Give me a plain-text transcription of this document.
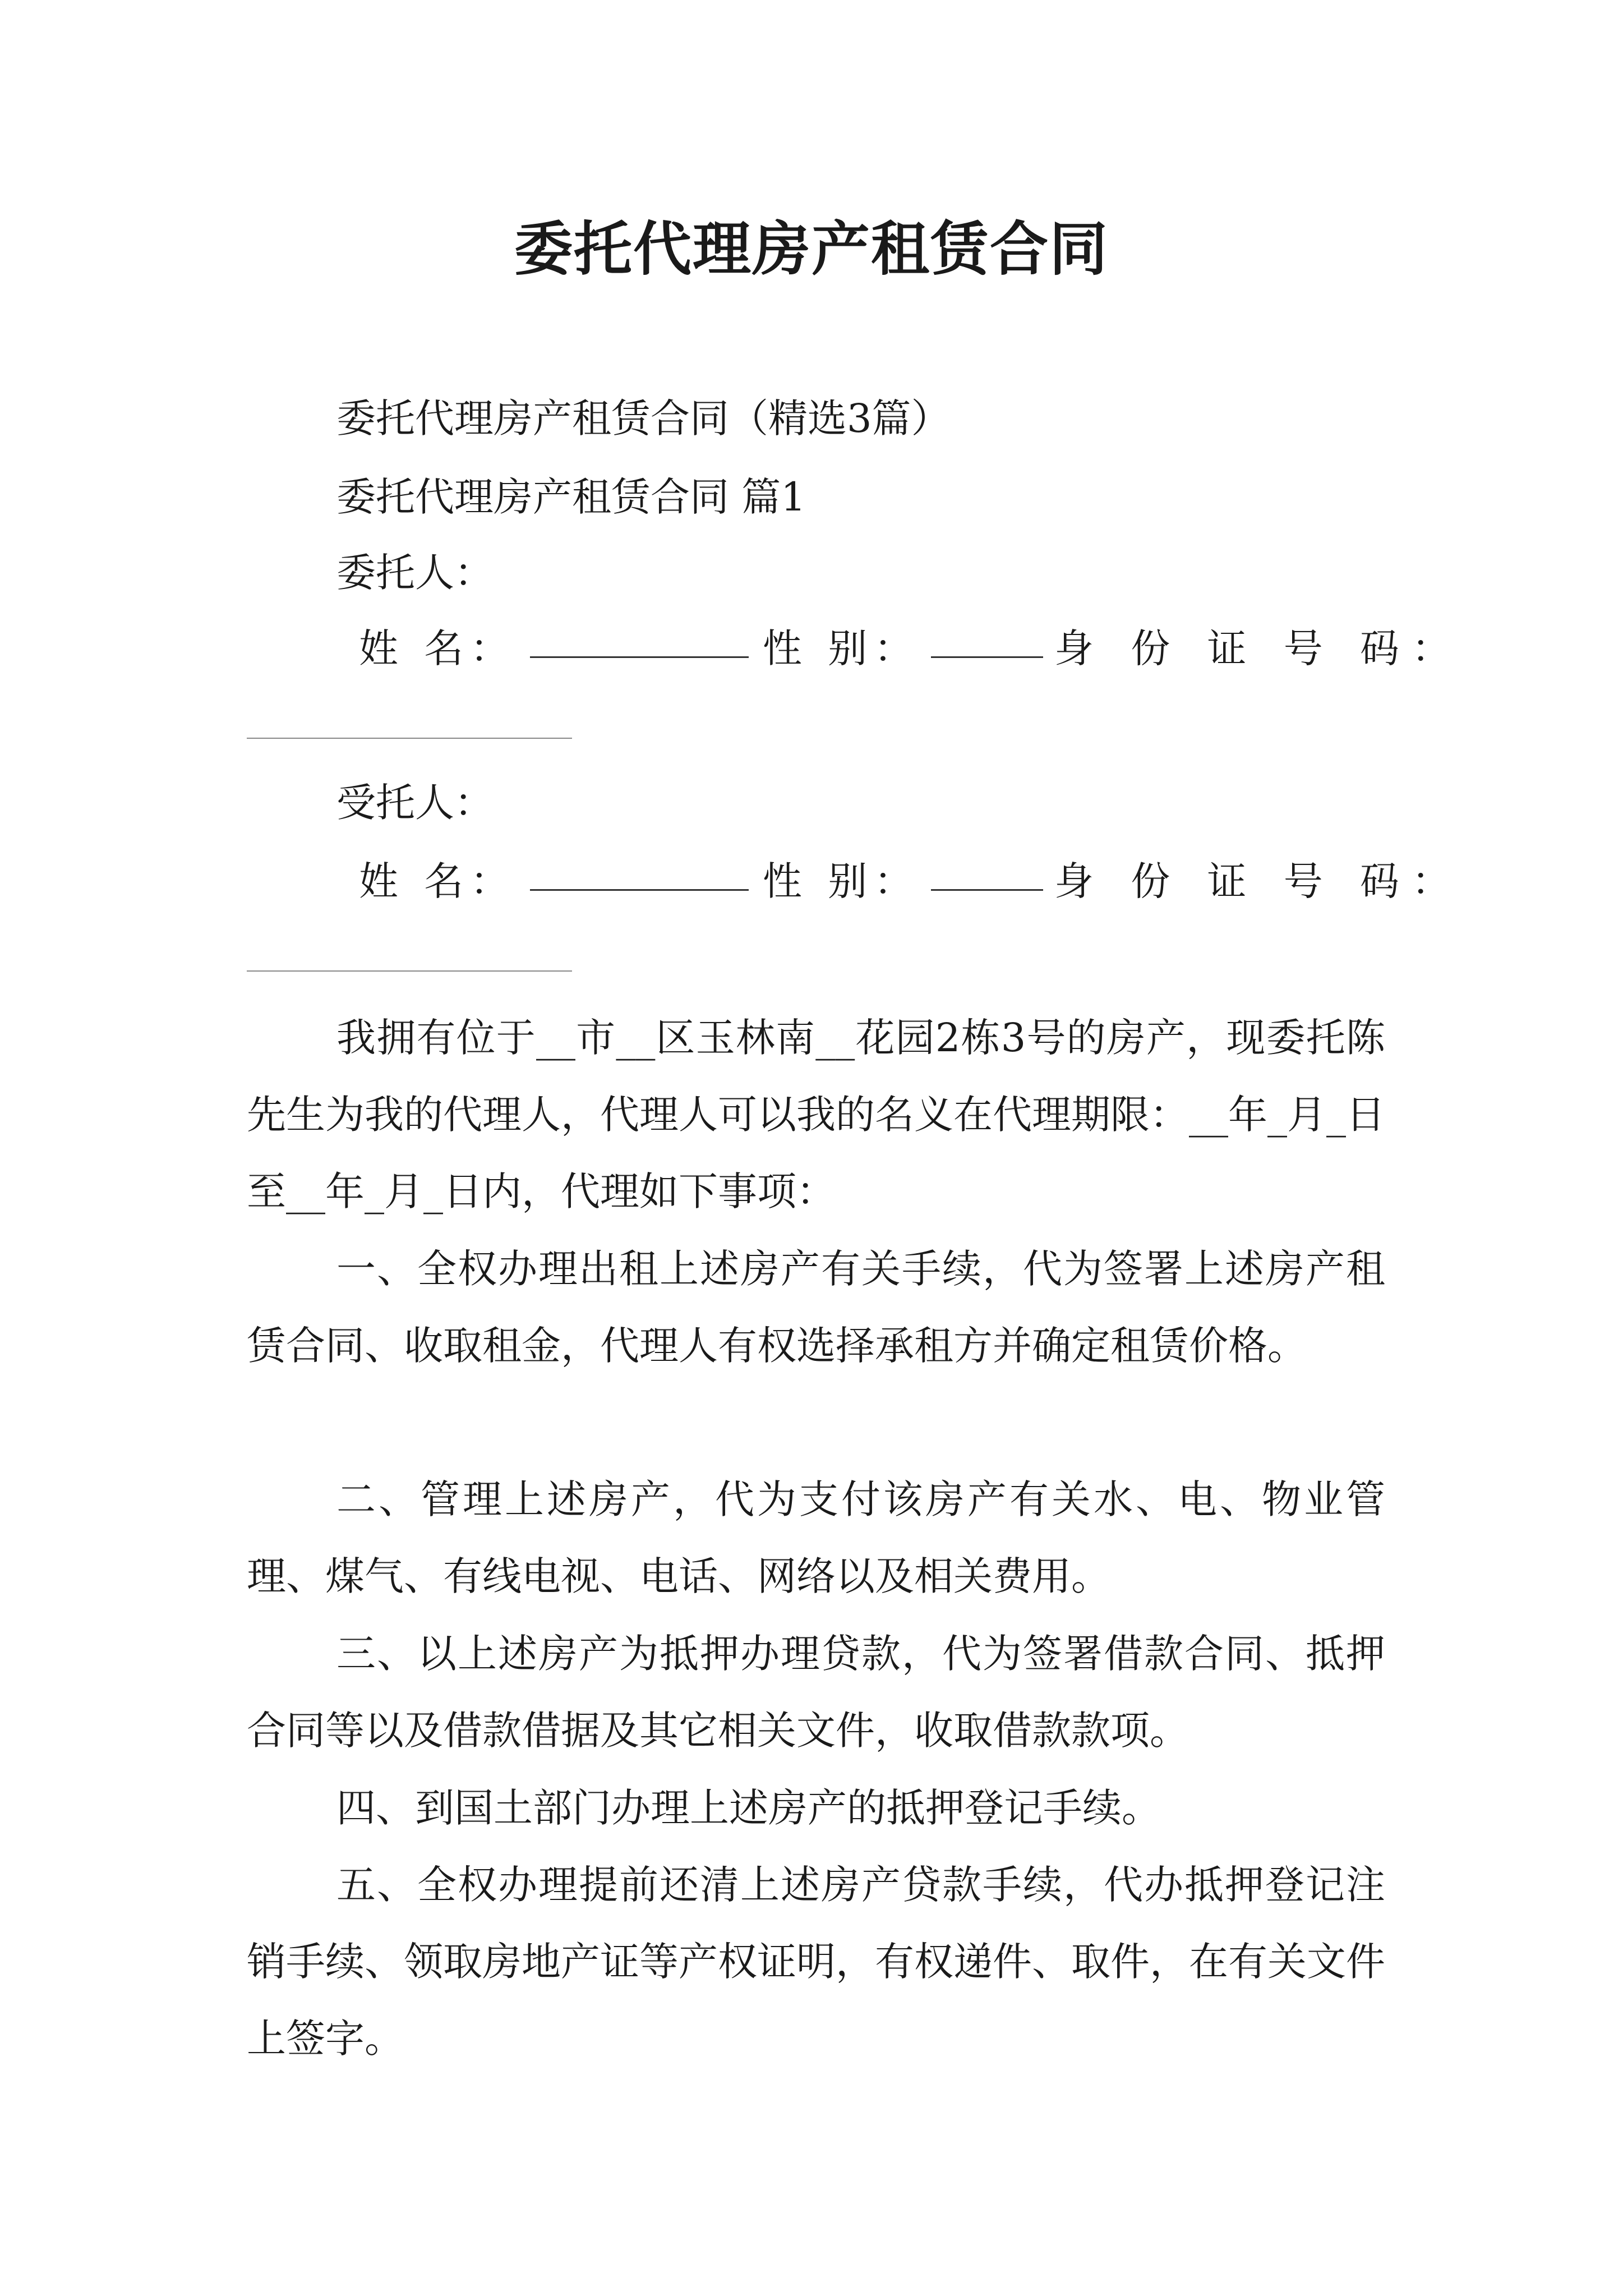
委托代理房产租赁合同
委托代理房产租赁合同（精选3篇）
委托代理房产租赁合同 篇1
委托人：
姓 名：	性 别：	身 份 证 号 码：
受托人：
姓 名：	性 别：	身 份 证 号 码：

我拥有位于__市__区玉林南__花园2栋3号的房产，现委托陈先生为我的代理人，代理人可以我的名义在代理期限：__年_月_日至__年_月_日内，代理如下事项：

一、全权办理出租上述房产有关手续，代为签署上述房产租赁合同、收取租金，代理人有权选择承租方并确定租赁价格。

二、管理上述房产，代为支付该房产有关水、电、物业管理、煤气、有线电视、电话、网络以及相关费用。

三、以上述房产为抵押办理贷款，代为签署借款合同、抵押合同等以及借款借据及其它相关文件，收取借款款项。

四、到国土部门办理上述房产的抵押登记手续。

五、全权办理提前还清上述房产贷款手续，代办抵押登记注销手续、领取房地产证等产权证明，有权递件、取件，在有关文件上签字。
